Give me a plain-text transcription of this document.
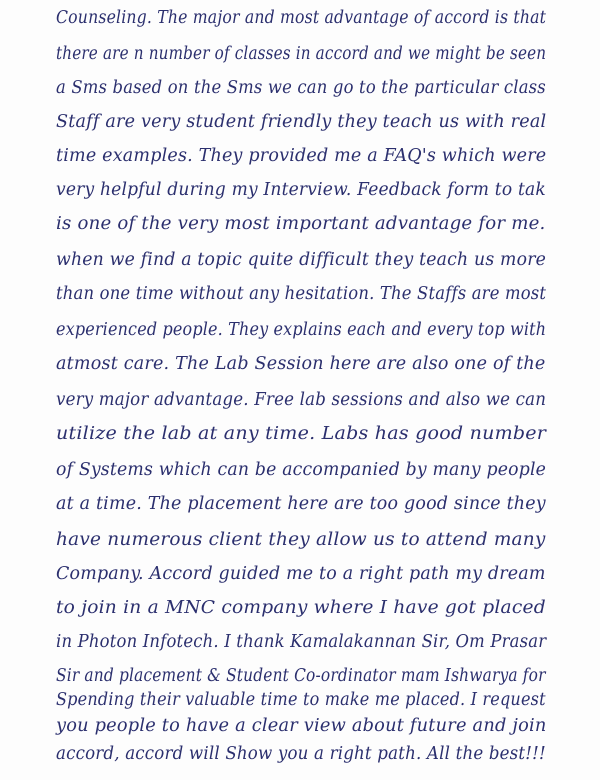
Counseling. The major and most advantage of accord is that
there are n number of classes in accord and we might be seen
a Sms based on the Sms we can go to the particular class
Staff are very student friendly they teach us with real
time examples. They provided me a FAQ's which were
very helpful during my Interview. Feedback form to tak
is one of the very most important advantage for me.
when we find a topic quite difficult they teach us more
than one time without any hesitation. The Staffs are most
experienced people. They explains each and every top with
atmost care. The Lab Session here are also one of the
very major advantage. Free lab sessions and also we can
utilize the lab at any time. Labs has good number
of Systems which can be accompanied by many people
at a time. The placement here are too good since they
have numerous client they allow us to attend many
Company. Accord guided me to a right path my dream
to join in a MNC company where I have got placed
in Photon Infotech. I thank Kamalakannan Sir, Om Prasar
Sir and placement & Student Co-ordinator mam Ishwarya for
Spending their valuable time to make me placed. I request
you people to have a clear view about future and join
accord, accord will Show you a right path. All the best!!!
